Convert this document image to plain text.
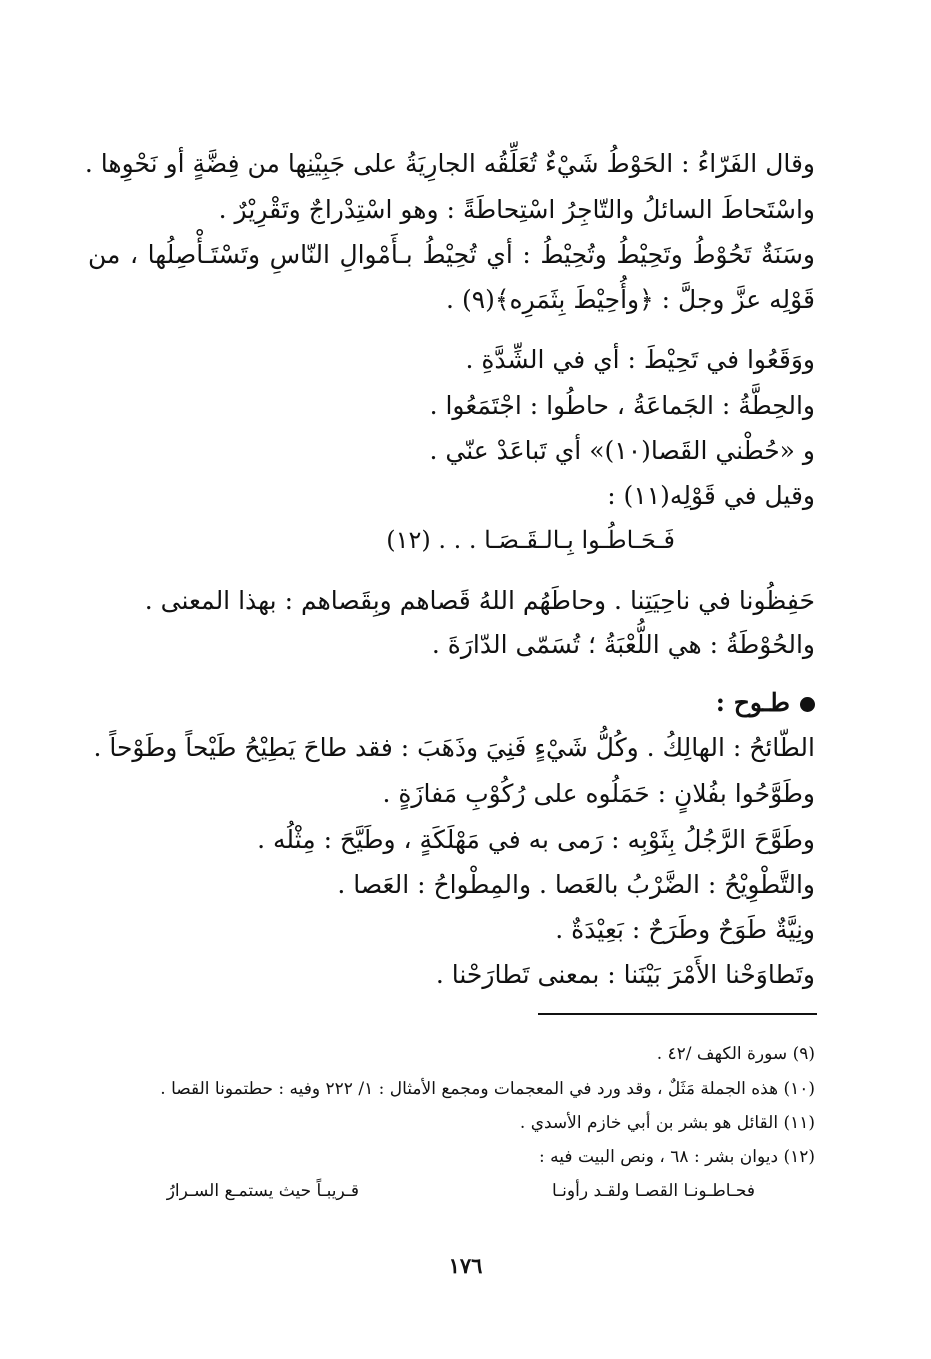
وقال الفَرّاءُ : الحَوْطُ شَيْءٌ تُعَلِّقُه الجارِيَةُ على جَبِيْنِها من فِضَّةٍ أو نَحْوِها .
واسْتَحاطَ السائلُ والتّاجِرُ اسْتِحاطَةً : وهو اسْتِدْراجٌ وتَقْرِيْرٌ .
وسَنَةٌ تَحُوْطُ وتَحِيْطُ وتُحِيْطُ : أي تُحِيْطُ بـأَمْوالِ النّاسِ وتَسْتَـأْصِلُها ، من
قَوْلِه عزَّ وجلَّ : ﴿وأُحِيْطَ بِثَمَرِه﴾(٩) .
ووَقَعُوا في تَحِيْطَ : أي في الشِّدَّةِ .
والحِطَّةُ : الجَماعَةُ ، حاطُوا : اجْتَمَعُوا .
و «حُطْني القَصا(١٠)» أي تَباعَدْ عنّي .
وقيل في قَوْلِه(١١) :
فَـحَـاطُـوا بِـالـقَـصَـا . . . (١٢)
حَفِظُونا في ناحِيَتِنا . وحاطَهُم اللهُ قَصاهم وبِقَصاهم : بهذا المعنى .
والحُوْطَةُ : هي اللُّعْبَةُ ؛ تُسَمّى الدّارَةَ .
طـوح :
الطّائحُ : الهالِكُ . وكُلُّ شَيْءٍ فَنِيَ وذَهَبَ : فقد طاحَ يَطِيْحُ طَيْحاً وطَوْحاً .
وطَوَّحُوا بفُلانٍ : حَمَلُوه على رُكُوْبِ مَفازَةٍ .
وطَوَّحَ الرَّجُلُ بِثَوْبِه : رَمى به في مَهْلَكَةٍ ، وطَيَّحَ : مِثْلُه .
والتَّطْوِيْحُ : الضَّرْبُ بالعَصا . والمِطْواحُ : العَصا .
ونِيَّةٌ طَوَحٌ وطَرَحٌ : بَعِيْدَةٌ .
وتَطاوَحْنا الأَمْرَ بَيْنَنا : بمعنى تَطارَحْنا .
(٩) سورة الكهف /٤٢ .
(١٠) هذه الجملة مَثَلٌ ، وقد ورد في المعجمات ومجمع الأمثال : ١/ ٢٢٢ وفيه : حطتمونا القصا .
(١١) القائل هو بشر بن أبي خازم الأسدي .
(١٢) ديوان بشر : ٦٨ ، ونص البيت فيه :
فحـاطـونـا القصـا ولقـد رأونـا
قـريبـاً حيث يستمـع السـرارُ
١٧٦
